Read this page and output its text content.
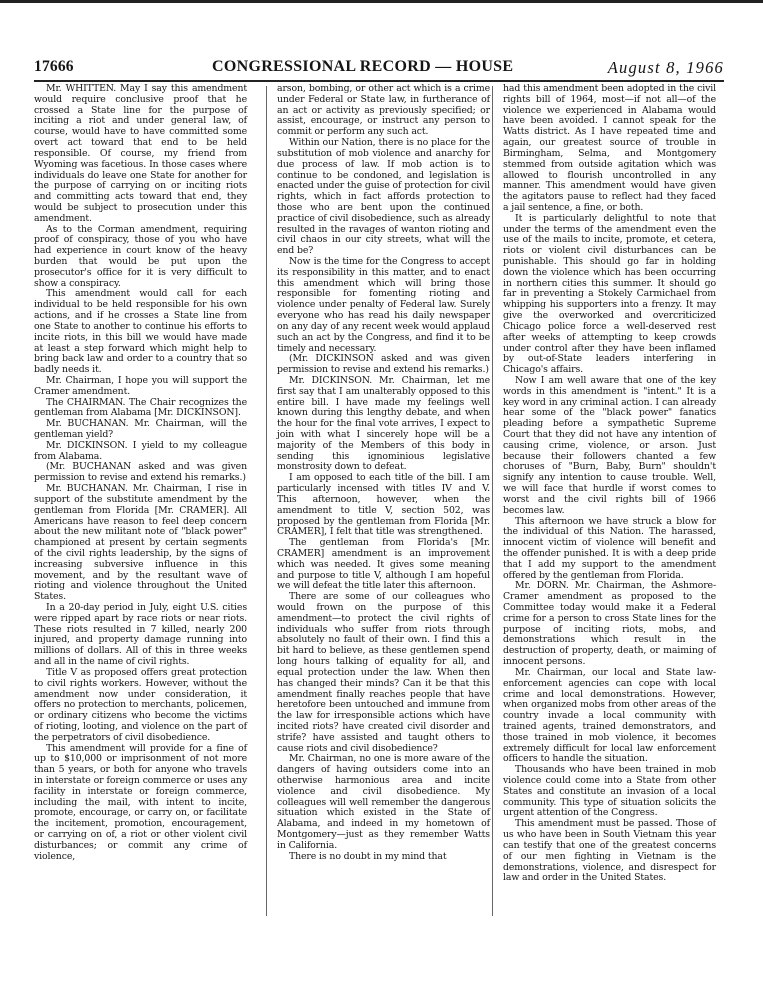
17666	CONGRESSIONAL RECORD — HOUSE	August 8, 1966

Mr. WHITTEN. May I say this amendment would require conclusive proof that he crossed a State line for the purpose of inciting a riot and under general law, of course, would have to have committed some overt act toward that end to be held responsible. Of course, my friend from Wyoming was facetious. In those cases where individuals do leave one State for another for the purpose of carrying on or inciting riots and committing acts toward that end, they would be subject to prosecution under this amendment.

As to the Corman amendment, requiring proof of conspiracy, those of you who have had experience in court know of the heavy burden that would be put upon the prosecutor's office for it is very difficult to show a conspiracy.

This amendment would call for each individual to be held responsible for his own actions, and if he crosses a State line from one State to another to continue his efforts to incite riots, in this bill we would have made at least a step forward which might help to bring back law and order to a country that so badly needs it.

Mr. Chairman, I hope you will support the Cramer amendment.

The CHAIRMAN. The Chair recognizes the gentleman from Alabama [Mr. DICKINSON].

Mr. BUCHANAN. Mr. Chairman, will the gentleman yield?

Mr. DICKINSON. I yield to my colleague from Alabama.

(Mr. BUCHANAN asked and was given permission to revise and extend his remarks.)

Mr. BUCHANAN. Mr. Chairman, I rise in support of the substitute amendment by the gentleman from Florida [Mr. CRAMER]. All Americans have reason to feel deep concern about the new militant note of "black power" championed at present by certain segments of the civil rights leadership, by the signs of increasing subversive influence in this movement, and by the resultant wave of rioting and violence throughout the United States.

In a 20-day period in July, eight U.S. cities were ripped apart by race riots or near riots. These riots resulted in 7 killed, nearly 200 injured, and property damage running into millions of dollars. All of this in three weeks and all in the name of civil rights.

Title V as proposed offers great protection to civil rights workers. However, without the amendment now under consideration, it offers no protection to merchants, policemen, or ordinary citizens who become the victims of rioting, looting, and violence on the part of the perpetrators of civil disobedience.

This amendment will provide for a fine of up to $10,000 or imprisonment of not more than 5 years, or both for anyone who travels in interstate or foreign commerce or uses any facility in interstate or foreign commerce, including the mail, with intent to incite, promote, encourage, or carry on, or facilitate the incitement, promotion, encouragement, or carrying on of, a riot or other violent civil disturbances; or commit any crime of violence,

arson, bombing, or other act which is a crime under Federal or State law, in furtherance of an act or activity as previously specified; or assist, encourage, or instruct any person to commit or perform any such act.

Within our Nation, there is no place for the substitution of mob violence and anarchy for due process of law. If mob action is to continue to be condoned, and legislation is enacted under the guise of protection for civil rights, which in fact affords protection to those who are bent upon the continued practice of civil disobedience, such as already resulted in the ravages of wanton rioting and civil chaos in our city streets, what will the end be?

Now is the time for the Congress to accept its responsibility in this matter, and to enact this amendment which will bring those responsible for fomenting rioting and violence under penalty of Federal law. Surely everyone who has read his daily newspaper on any day of any recent week would applaud such an act by the Congress, and find it to be timely and necessary.

(Mr. DICKINSON asked and was given permission to revise and extend his remarks.)

Mr. DICKINSON. Mr. Chairman, let me first say that I am unalterably opposed to this entire bill. I have made my feelings well known during this lengthy debate, and when the hour for the final vote arrives, I expect to join with what I sincerely hope will be a majority of the Members of this body in sending this ignominious legislative monstrosity down to defeat.

I am opposed to each title of the bill. I am particularly incensed with titles IV and V. This afternoon, however, when the amendment to title V, section 502, was proposed by the gentleman from Florida [Mr. CRAMER], I felt that title was strengthened.

The gentleman from Florida's [Mr. CRAMER] amendment is an improvement which was needed. It gives some meaning and purpose to title V, although I am hopeful we will defeat the title later this afternoon.

There are some of our colleagues who would frown on the purpose of this amendment—to protect the civil rights of individuals who suffer from riots through absolutely no fault of their own. I find this a bit hard to believe, as these gentlemen spend long hours talking of equality for all, and equal protection under the law. When then has changed their minds? Can it be that this amendment finally reaches people that have heretofore been untouched and immune from the law for irresponsible actions which have incited riots? have created civil disorder and strife? have assisted and taught others to cause riots and civil disobedience?

Mr. Chairman, no one is more aware of the dangers of having outsiders come into an otherwise harmonious area and incite violence and civil disobedience. My colleagues will well remember the dangerous situation which existed in the State of Alabama, and indeed in my hometown of Montgomery—just as they remember Watts in California.

There is no doubt in my mind that

had this amendment been adopted in the civil rights bill of 1964, most—if not all—of the violence we experienced in Alabama would have been avoided. I cannot speak for the Watts district. As I have repeated time and again, our greatest source of trouble in Birmingham, Selma, and Montgomery stemmed from outside agitation which was allowed to flourish uncontrolled in any manner. This amendment would have given the agitators pause to reflect had they faced a jail sentence, a fine, or both.

It is particularly delightful to note that under the terms of the amendment even the use of the mails to incite, promote, et cetera, riots or violent civil disturbances can be punishable. This should go far in holding down the violence which has been occurring in northern cities this summer. It should go far in preventing a Stokely Carmichael from whipping his supporters into a frenzy. It may give the overworked and overcriticized Chicago police force a well-deserved rest after weeks of attempting to keep crowds under control after they have been inflamed by out-of-State leaders interfering in Chicago's affairs.

Now I am well aware that one of the key words in this amendment is "intent." It is a key word in any criminal action. I can already hear some of the "black power" fanatics pleading before a sympathetic Supreme Court that they did not have any intention of causing crime, violence, or arson. Just because their followers chanted a few choruses of "Burn, Baby, Burn" shouldn't signify any intention to cause trouble. Well, we will face that hurdle if worst comes to worst and the civil rights bill of 1966 becomes law.

This afternoon we have struck a blow for the individual of this Nation. The harassed, innocent victim of violence will benefit and the offender punished. It is with a deep pride that I add my support to the amendment offered by the gentleman from Florida.

Mr. DORN. Mr. Chairman, the Ashmore-Cramer amendment as proposed to the Committee today would make it a Federal crime for a person to cross State lines for the purpose of inciting riots, mobs, and demonstrations which result in the destruction of property, death, or maiming of innocent persons.

Mr. Chairman, our local and State law-enforcement agencies can cope with local crime and local demonstrations. However, when organized mobs from other areas of the country invade a local community with trained agents, trained demonstrators, and those trained in mob violence, it becomes extremely difficult for local law enforcement officers to handle the situation.

Thousands who have been trained in mob violence could come into a State from other States and constitute an invasion of a local community. This type of situation solicits the urgent attention of the Congress.

This amendment must be passed. Those of us who have been in South Vietnam this year can testify that one of the greatest concerns of our men fighting in Vietnam is the demonstrations, violence, and disrespect for law and order in the United States.
